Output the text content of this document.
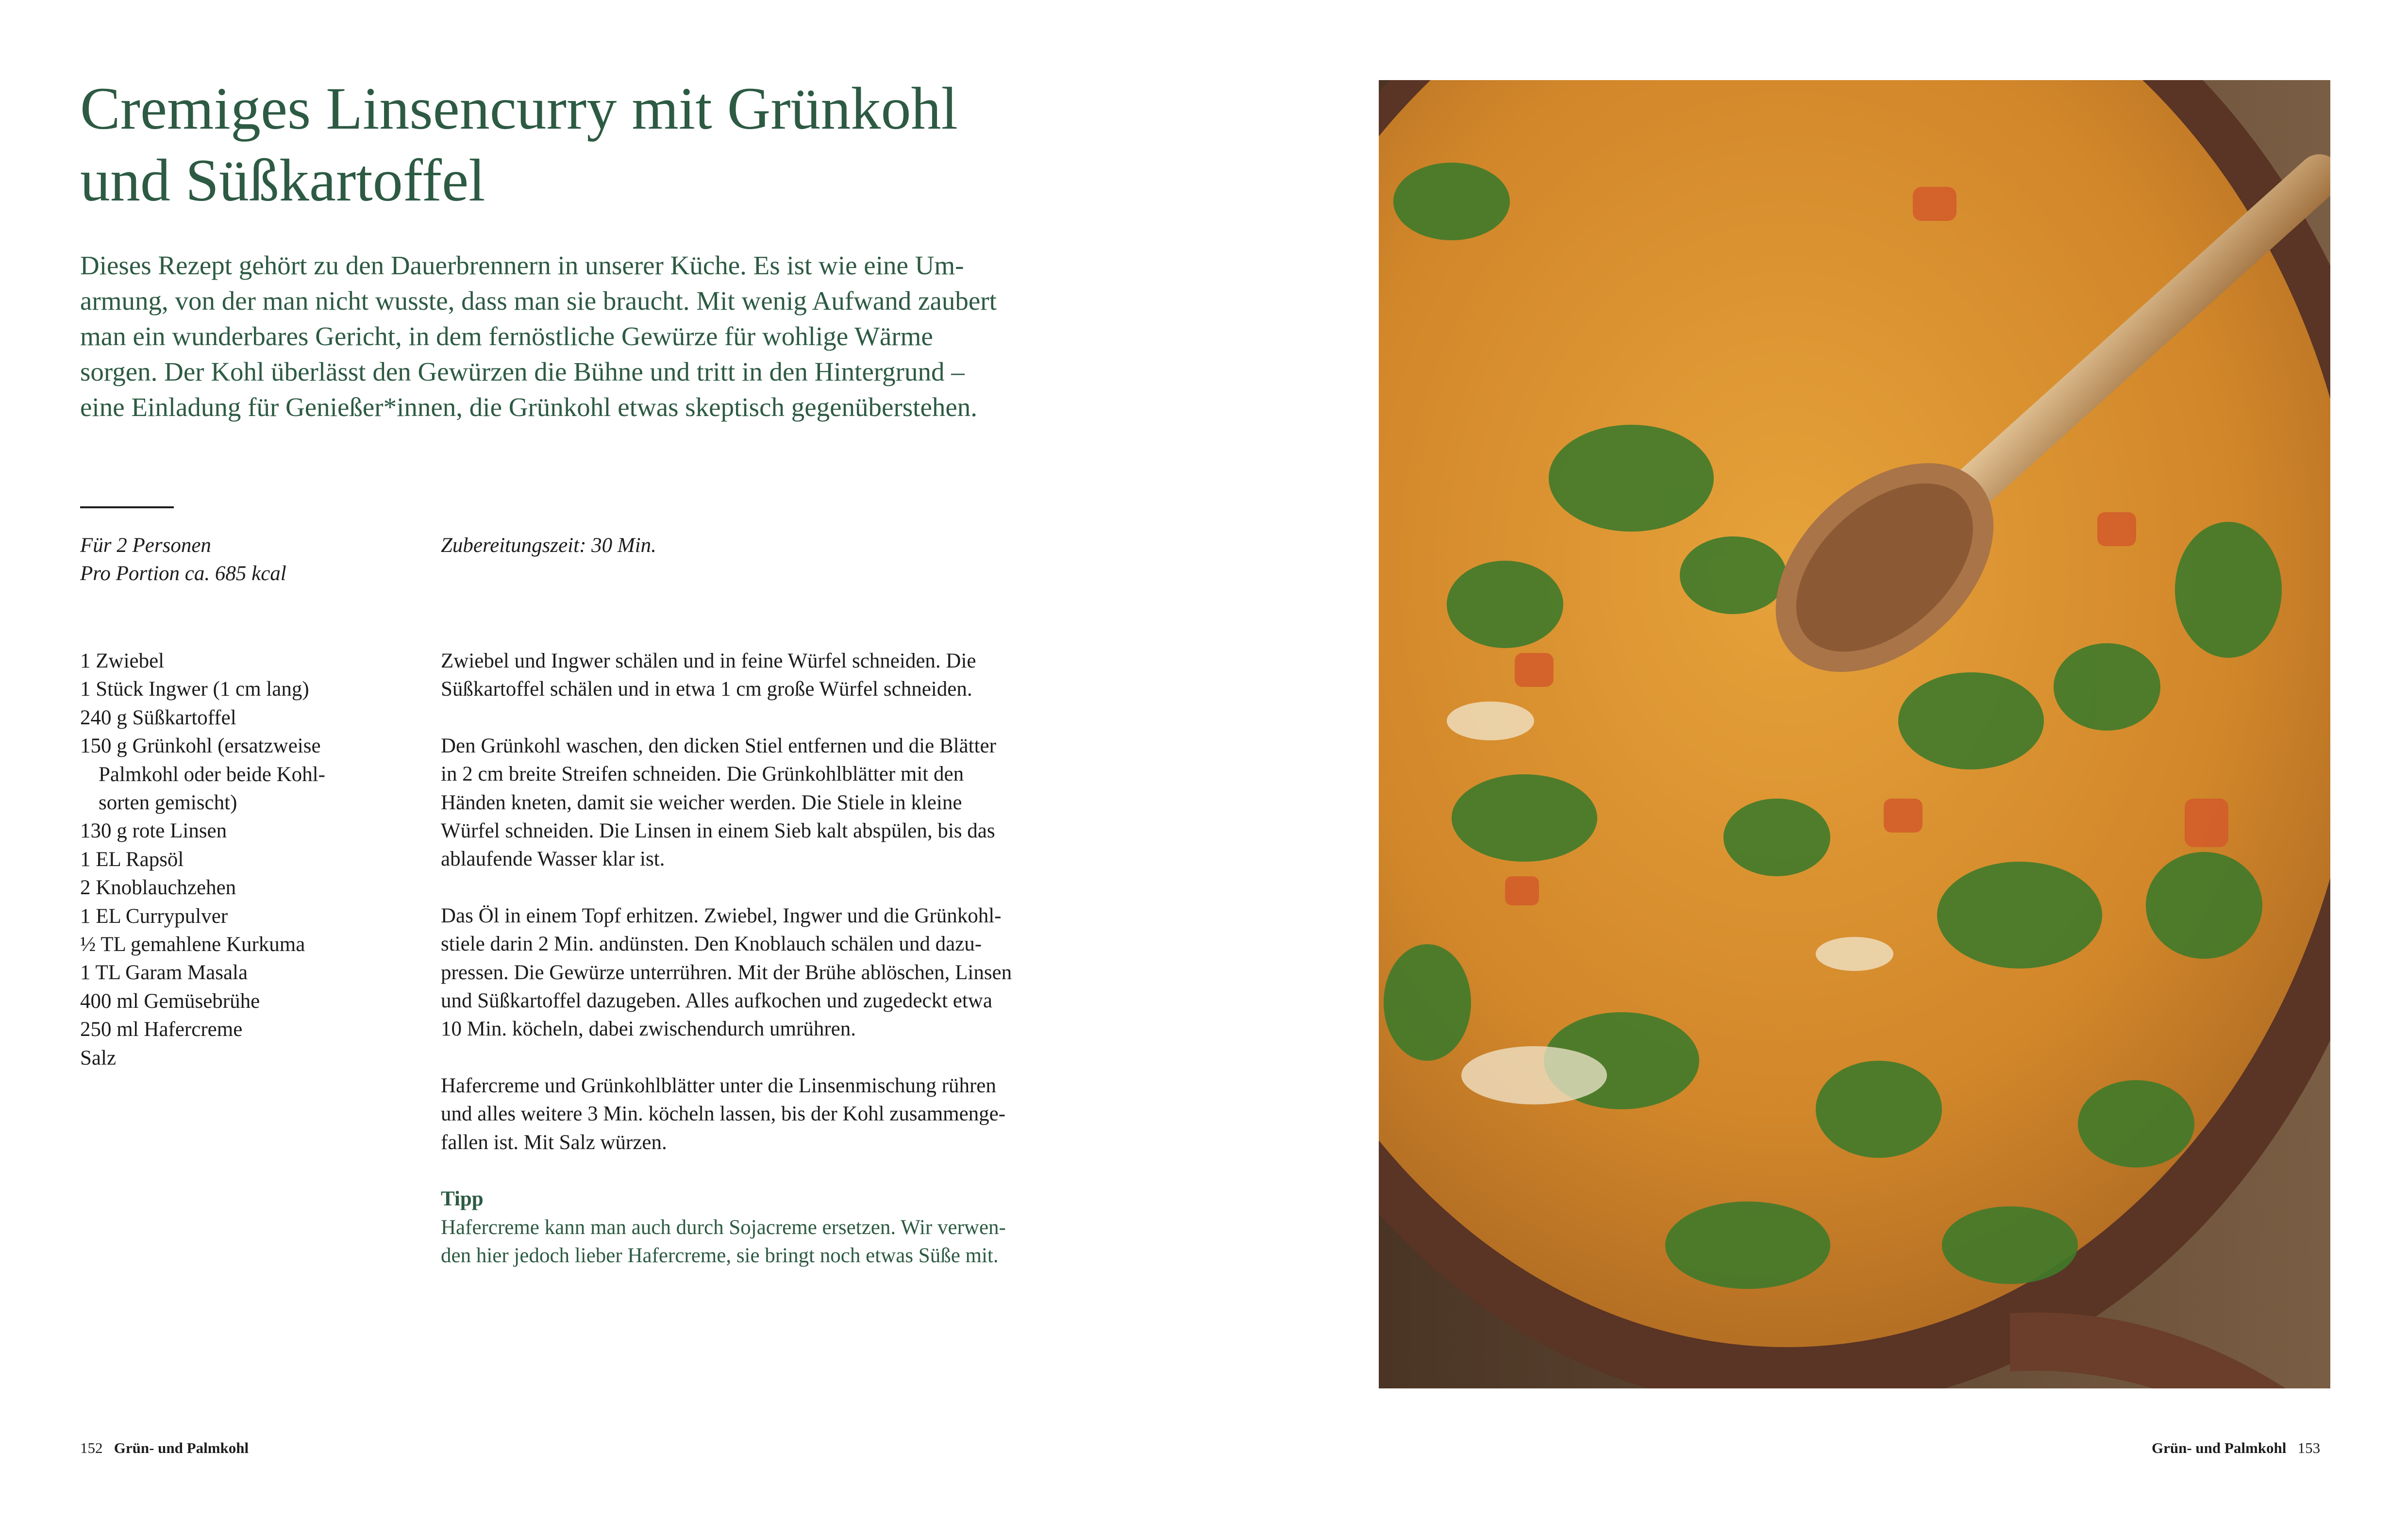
Cremiges Linsencurry mit Grünkohl
und Süßkartoffel

Dieses Rezept gehört zu den Dauerbrennern in unserer Küche. Es ist wie eine Um-
armung, von der man nicht wusste, dass man sie braucht. Mit wenig Aufwand zaubert
man ein wunderbares Gericht, in dem fernöstliche Gewürze für wohlige Wärme
sorgen. Der Kohl überlässt den Gewürzen die Bühne und tritt in den Hintergrund –
eine Einladung für Genießer*innen, die Grünkohl etwas skeptisch gegenüberstehen.

Für 2 Personen
Pro Portion ca. 685 kcal

Zubereitungszeit: 30 Min.

1 Zwiebel
1 Stück Ingwer (1 cm lang)
240 g Süßkartoffel
150 g Grünkohl (ersatzweise
Palmkohl oder beide Kohl-
sorten gemischt)
130 g rote Linsen
1 EL Rapsöl
2 Knoblauchzehen
1 EL Currypulver
½ TL gemahlene Kurkuma
1 TL Garam Masala
400 ml Gemüsebrühe
250 ml Hafercreme
Salz

Zwiebel und Ingwer schälen und in feine Würfel schneiden. Die
Süßkartoffel schälen und in etwa 1 cm große Würfel schneiden.

Den Grünkohl waschen, den dicken Stiel entfernen und die Blätter
in 2 cm breite Streifen schneiden. Die Grünkohlblätter mit den
Händen kneten, damit sie weicher werden. Die Stiele in kleine
Würfel schneiden. Die Linsen in einem Sieb kalt abspülen, bis das
ablaufende Wasser klar ist.

Das Öl in einem Topf erhitzen. Zwiebel, Ingwer und die Grünkohl-
stiele darin 2 Min. andünsten. Den Knoblauch schälen und dazu-
pressen. Die Gewürze unterrühren. Mit der Brühe ablöschen, Linsen
und Süßkartoffel dazugeben. Alles aufkochen und zugedeckt etwa
10 Min. köcheln, dabei zwischendurch umrühren.

Hafercreme und Grünkohlblätter unter die Linsenmischung rühren
und alles weitere 3 Min. köcheln lassen, bis der Kohl zusammenge-
fallen ist. Mit Salz würzen.

Tipp

Hafercreme kann man auch durch Sojacreme ersetzen. Wir verwen-
den hier jedoch lieber Hafercreme, sie bringt noch etwas Süße mit.

152 Grün- und Palmkohl	Grün- und Palmkohl 153
